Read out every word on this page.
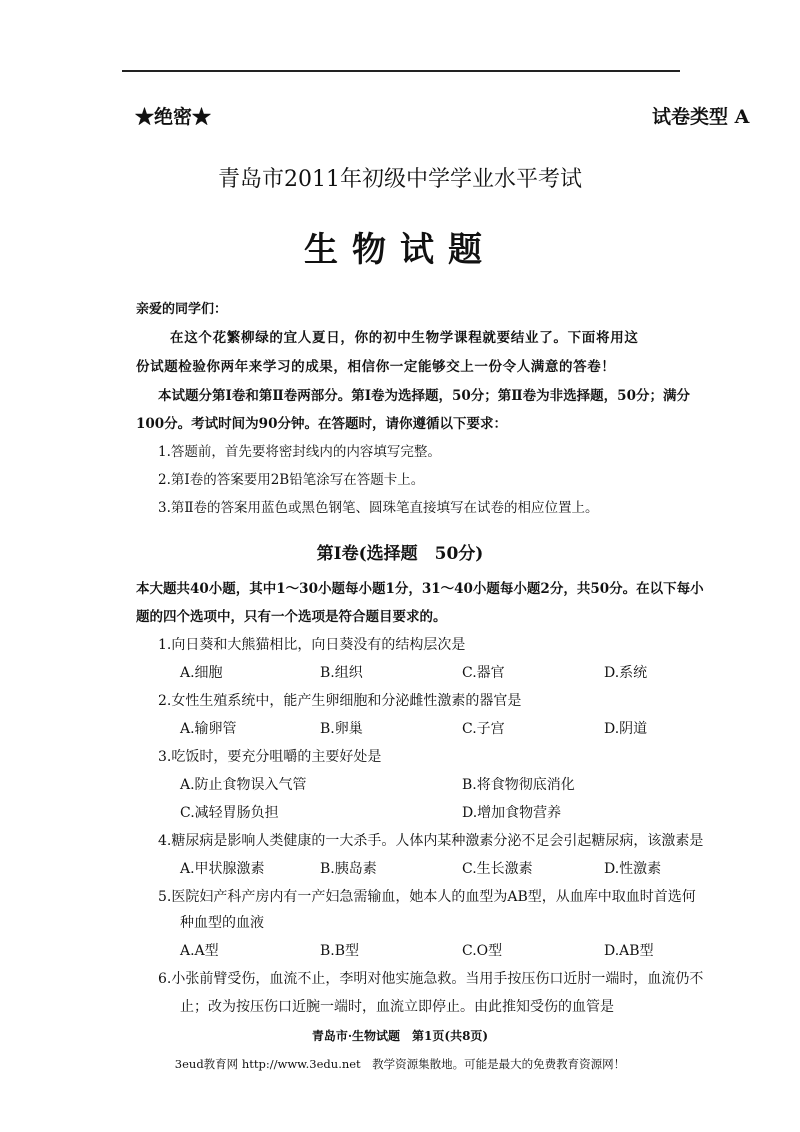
★绝密★	试卷类型 A
青岛市2011年初级中学学业水平考试
生物试题
亲爱的同学们：
在这个花繁柳绿的宜人夏日，你的初中生物学课程就要结业了。下面将用这
份试题检验你两年来学习的成果，相信你一定能够交上一份令人满意的答卷！
本试题分第Ⅰ卷和第Ⅱ卷两部分。第Ⅰ卷为选择题，50分；第Ⅱ卷为非选择题，50分；满分
100分。考试时间为90分钟。在答题时，请你遵循以下要求：
1.答题前，首先要将密封线内的内容填写完整。
2.第Ⅰ卷的答案要用2B铅笔涂写在答题卡上。
3.第Ⅱ卷的答案用蓝色或黑色钢笔、圆珠笔直接填写在试卷的相应位置上。
第Ⅰ卷(选择题　50分)
本大题共40小题，其中1～30小题每小题1分，31～40小题每小题2分，共50分。在以下每小
题的四个选项中，只有一个选项是符合题目要求的。
1.向日葵和大熊猫相比，向日葵没有的结构层次是
A.细胞	B.组织	C.器官	D.系统
2.女性生殖系统中，能产生卵细胞和分泌雌性激素的器官是
A.输卵管	B.卵巢	C.子宫	D.阴道
3.吃饭时，要充分咀嚼的主要好处是
A.防止食物误入气管	B.将食物彻底消化
C.减轻胃肠负担	D.增加食物营养
4.糖尿病是影响人类健康的一大杀手。人体内某种激素分泌不足会引起糖尿病，该激素是
A.甲状腺激素	B.胰岛素	C.生长激素	D.性激素
5.医院妇产科产房内有一产妇急需输血，她本人的血型为AB型，从血库中取血时首选何
种血型的血液
A.A型	B.B型	C.O型	D.AB型
6.小张前臂受伤，血流不止，李明对他实施急救。当用手按压伤口近肘一端时，血流仍不
止；改为按压伤口近腕一端时，血流立即停止。由此推知受伤的血管是
青岛市·生物试题　第1页(共8页)
3eud教育网 http://www.3edu.net　教学资源集散地。可能是最大的免费教育资源网！
